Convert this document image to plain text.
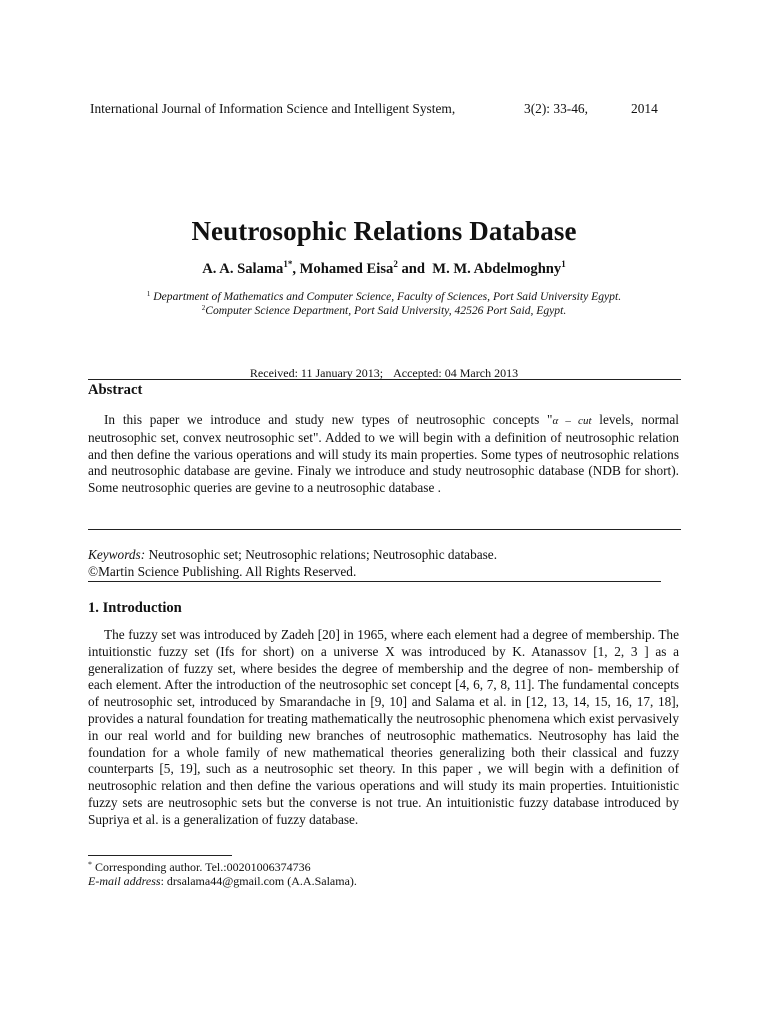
International Journal of Information Science and Intelligent System,	3(2): 33-46,	2014
Neutrosophic Relations Database
A. A. Salama$^{1*}$, Mohamed Eisa$^2$ and  M. M. Abdelmoghny$^1$
$^1$ Department of Mathematics and Computer Science, Faculty of Sciences, Port Said University Egypt.
$^2$Computer Science Department, Port Said University, 42526 Port Said, Egypt.
Received: 11 January 2013; Accepted: 04 March 2013
Abstract

In this paper we introduce and study new types of neutrosophic concepts "α – cut levels, normal neutrosophic set, convex neutrosophic set". Added to we will begin with a definition of neutrosophic relation and then define the various operations and will study its main properties. Some types of neutrosophic relations and neutrosophic database are gevine. Finaly we introduce and study neutrosophic database (NDB for short). Some neutrosophic queries are gevine to a neutrosophic database .

Keywords: Neutrosophic set; Neutrosophic relations; Neutrosophic database.
©Martin Science Publishing. All Rights Reserved.
1. Introduction

The fuzzy set was introduced by Zadeh [20] in 1965, where each element had a degree of membership. The intuitionstic fuzzy set (Ifs for short) on a universe X was introduced by K. Atanassov [1, 2, 3 ] as a generalization of fuzzy set, where besides the degree of membership and the degree of non- membership of each element. After the introduction of the neutrosophic set concept [4, 6, 7, 8, 11]. The fundamental concepts of neutrosophic set, introduced by Smarandache in [9, 10] and Salama et al. in [12, 13, 14, 15, 16, 17, 18], provides a natural foundation for treating mathematically the neutrosophic phenomena which exist pervasively in our real world and for building new branches of neutrosophic mathematics. Neutrosophy has laid the foundation for a whole family of new mathematical theories generalizing both their classical and fuzzy counterparts [5, 19], such as a neutrosophic set theory. In this paper , we will begin with a definition of neutrosophic relation and then define the various operations and will study its main properties. Intuitionistic fuzzy sets are neutrosophic sets but the converse is not true. An intuitionistic fuzzy database introduced by Supriya et al. is a generalization of fuzzy database.

* Corresponding author. Tel.:00201006374736
E-mail address: drsalama44@gmail.com (A.A.Salama).
